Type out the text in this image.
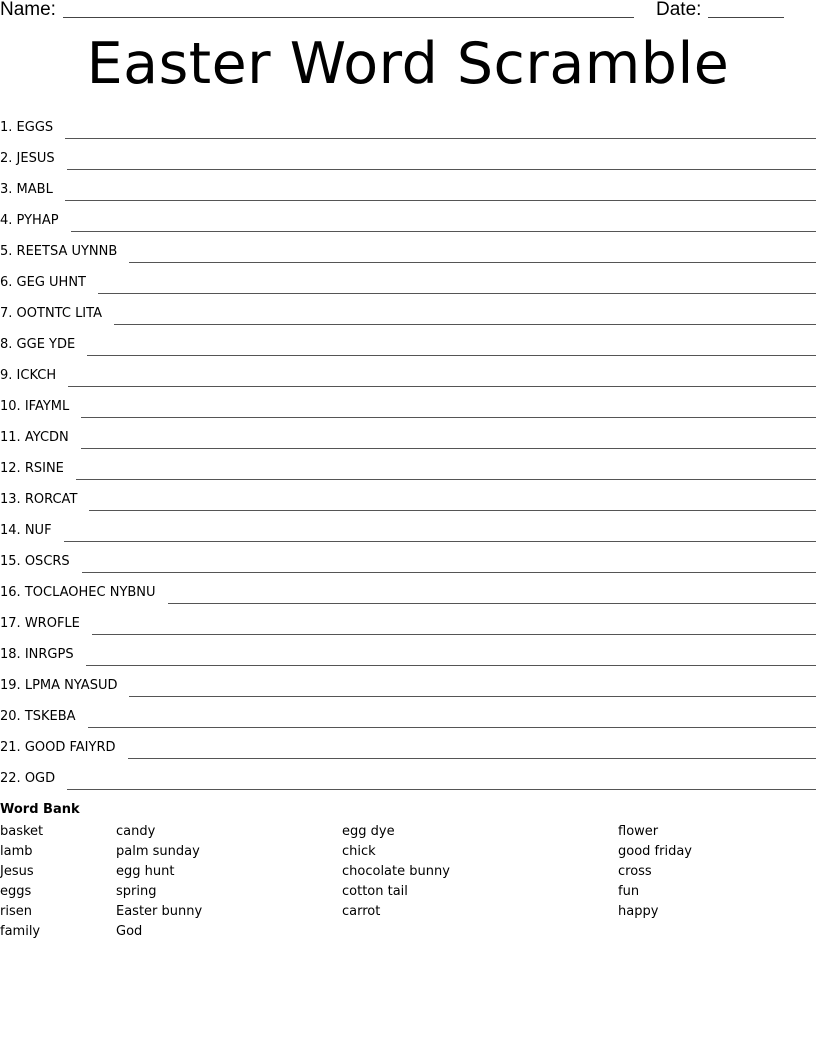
Name:	Date:
Easter Word Scramble
1. EGGS
2. JESUS
3. MABL
4. PYHAP
5. REETSA UYNNB
6. GEG UHNT
7. OOTNTC LITA
8. GGE YDE
9. ICKCH
10. IFAYML
11. AYCDN
12. RSINE
13. RORCAT
14. NUF
15. OSCRS
16. TOCLAOHEC NYBNU
17. WROFLE
18. INRGPS
19. LPMA NYASUD
20. TSKEBA
21. GOOD FAIYRD
22. OGD
Word Bank
basket
lamb
Jesus
eggs
risen
family
candy
palm sunday
egg hunt
spring
Easter bunny
God
egg dye
chick
chocolate bunny
cotton tail
carrot
flower
good friday
cross
fun
happy
